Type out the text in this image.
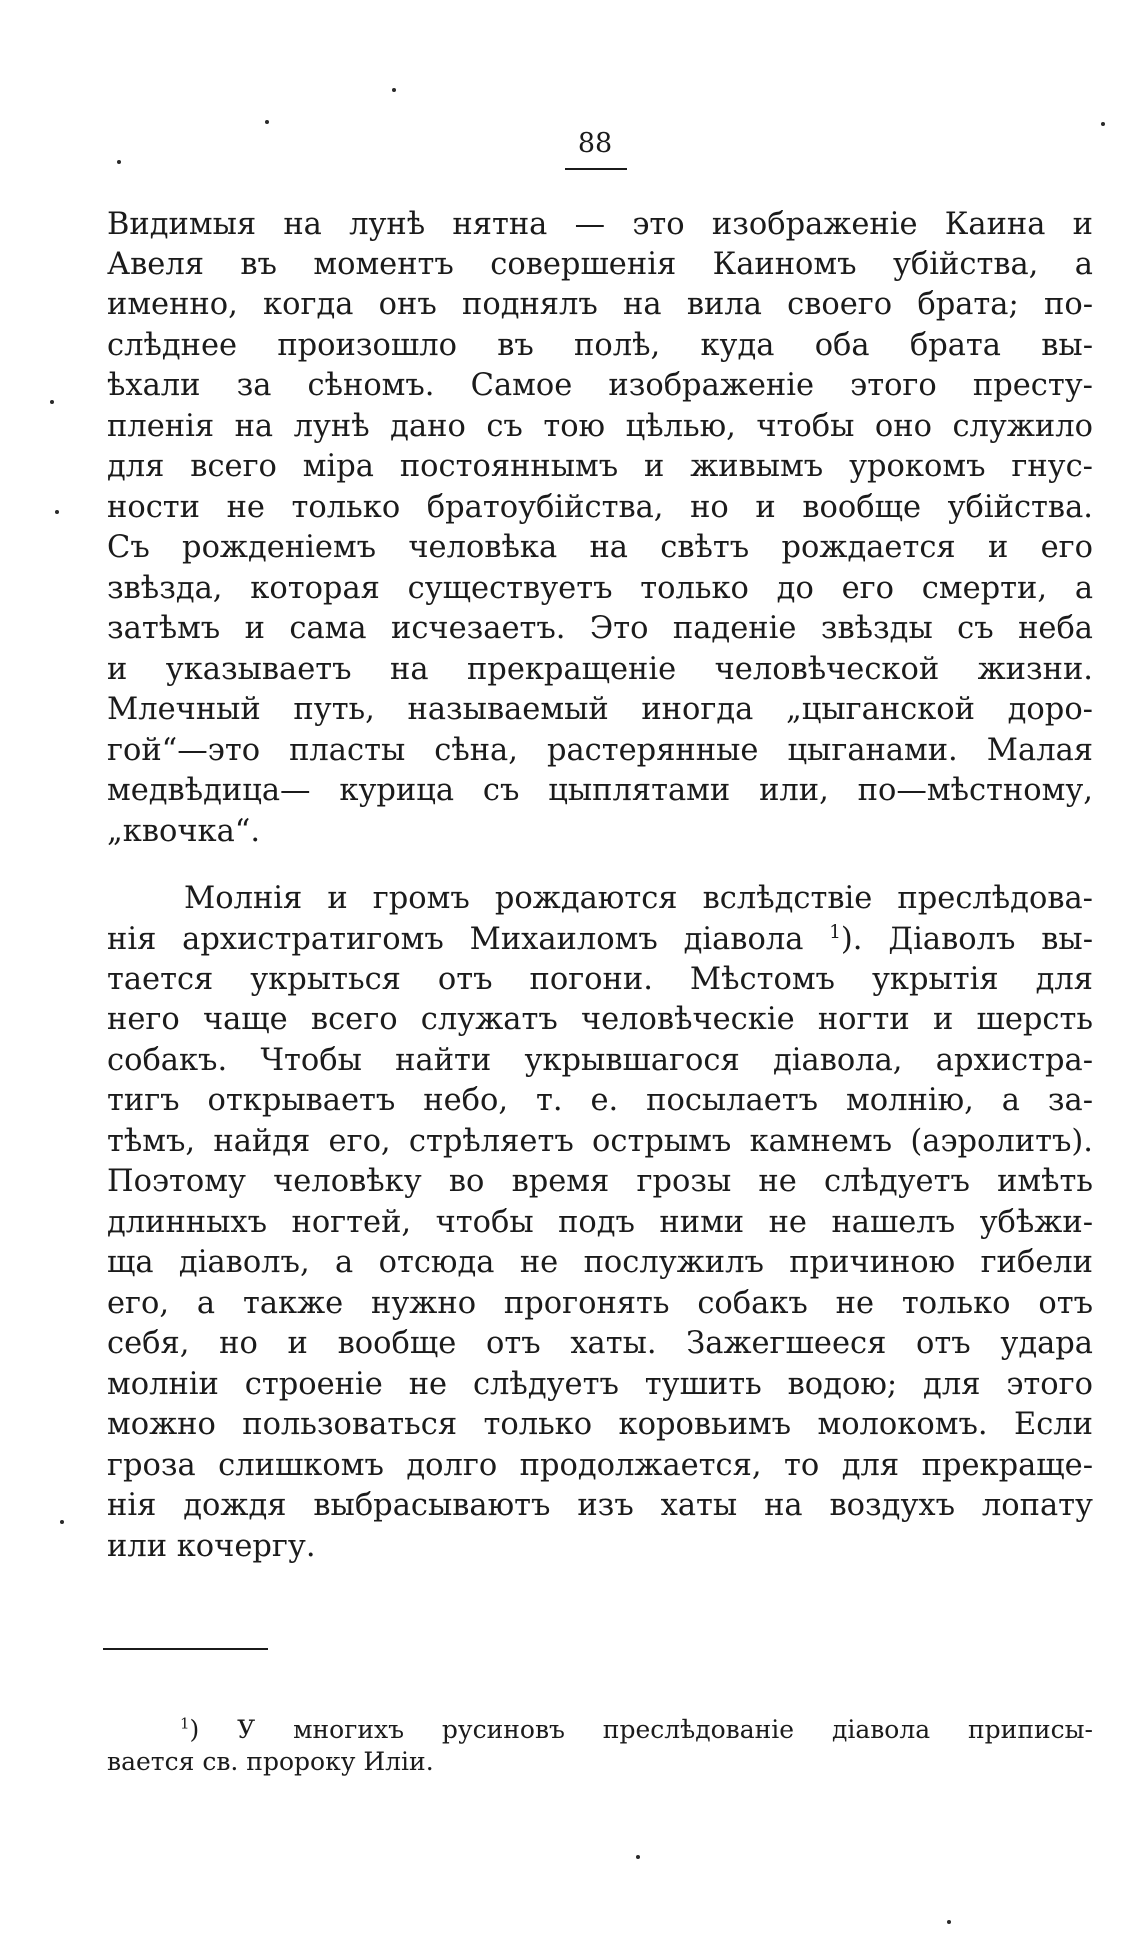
88
Видимыя на лунѣ нятна — это изображенiе Каина и
Авеля въ моментъ совершенiя Каиномъ убiйства, а
именно, когда онъ поднялъ на вила своего брата; по-
слѣднее произошло въ полѣ, куда оба брата вы-
ѣхали за сѣномъ. Самое изображенiе этого престу-
пленiя на лунѣ дано съ тою цѣлью, чтобы оно служило
для всего мiра постояннымъ и живымъ урокомъ гнус-
ности не только братоубiйства, но и вообще убiйства.
Съ рожденiемъ человѣка на свѣтъ рождается и его
звѣзда, которая существуетъ только до его смерти, а
затѣмъ и сама исчезаетъ. Это паденiе звѣзды съ неба
и указываетъ на прекращенiе человѣческой жизни.
Млечный путь, называемый иногда „цыганской доро-
гой“—это пласты сѣна, растерянные цыганами. Малая
медвѣдица— курица съ цыплятами или, по—мѣстному,
„квочка“.
Молнiя и громъ рождаются вслѣдствiе преслѣдова-
нiя архистратигомъ Михаиломъ дiавола $^1$). Дiаволъ вы-
тается укрыться отъ погони. Мѣстомъ укрытiя для
него чаще всего служатъ человѣческiе ногти и шерсть
собакъ. Чтобы найти укрывшагося дiавола, архистра-
тигъ открываетъ небо, т. е. посылаетъ молнiю, а за-
тѣмъ, найдя его, стрѣляетъ острымъ камнемъ (аэролитъ).
Поэтому человѣку во время грозы не слѣдуетъ имѣть
длинныхъ ногтей, чтобы подъ ними не нашелъ убѣжи-
ща дiаволъ, а отсюда не послужилъ причиною гибели
его, а также нужно прогонять собакъ не только отъ
себя, но и вообще отъ хаты. Зажегшееся отъ удара
молнiи строенiе не слѣдуетъ тушить водою; для этого
можно пользоваться только коровьимъ молокомъ. Если
гроза слишкомъ долго продолжается, то для прекраще-
нiя дождя выбрасываютъ изъ хаты на воздухъ лопату
или кочергу.
$^1$) У многихъ русиновъ преслѣдованiе дiавола приписы-
вается св. пророку Илiи.
